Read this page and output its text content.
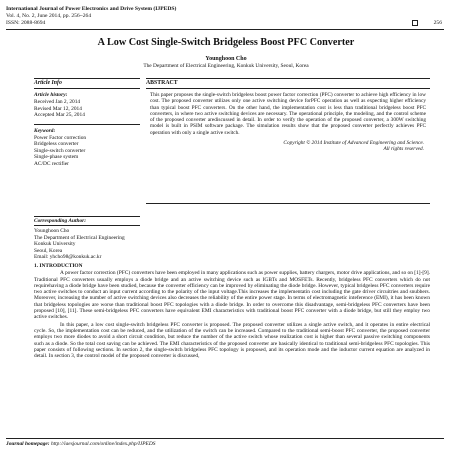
International Journal of Power Electronics and Drive System (IJPEDS)
Vol. 4, No. 2, June 2014, pp. 256~264
ISSN: 2088-8694	256
A Low Cost Single-Switch Bridgeless Boost PFC Converter
Younghoon Cho
The Department of Electrical Engineering, Konkuk University, Seoul, Korea
Article Info
Article history:
Received Jan 2, 2014
Revised Mar 12, 2014
Accepted Mar 25, 2014
Keyword:
Power Factor correction
Bridgeless converter
Single-switch converter
Single-phase system
AC/DC rectifier
Corresponding Author:
Younghoon Cho
The Department of Electrical Engineering
Konkuk University
Seoul, Korea
Email: yhcho98@konkuk.ac.kr
ABSTRACT
This paper proposes the single-switch bridgeless boost power factor correction (PFC) converter to achieve high efficiency in low cost. The proposed converter utilizes only one active switching device forPFC operation as well as expecting higher efficiency than typical boost PFC converters. On the other hand, the implementation cost is less than traditional bridgeless boost PFC converters, in where two active switching devices are necessary. The operational principle, the modeling, and the control scheme of the proposed converter arediscussed in detail. In order to verify the operation of the proposed converter, a 300W switching model is built in PSIM software package. The simulation results show that the proposed converter perfectly achieves PFC operation with only a single active switch.
Copyright © 2014 Institute of Advanced Engineering and Science.
All rights reserved.
1. INTRODUCTION

A power factor correction (PFC) converters have been employed in many applications such as power supplies, battery chargers, motor drive applications, and so on [1]-[9]. Traditional PFC converters usually employs a diode bridge and an active switching device such as IGBTs and MOSFETs. Recently, bridgeless PFC converters which do not requirehaving a diode bridge have been studied, because the converter efficiency can be improved by eliminating the diode bridge. However, typical bridgeless PFC converters require two active switches to conduct an input current according to the polarity of the input voltage.This increases the implementatin cost including the gate driver circuitries and snubbers. Moreover, increasing the number of active switching devices also decreases the reliability of the entire power stage. In terms of electromagnetic inteference (EMI), it has been known that bridgeless topologies are worse than traditional boost PFC topologies with a diode bridge. In order to overcome this disadvantage, semi-bridgeless PFC converters have been proposed [10], [11]. These semi-bridgeless PFC converters have equivalent EMI characteristics with traditional boost PFC converter with a diode bridge, but still they employ two active switches.

In this paper, a low cost single-switch bridgeless PFC converter is proposed. The proposed converter utilizes a single active switch, and it operates in entire electrical cycle. So, the implementation cost can be reduced, and the utilization of the switch can be increased. Compared to the traditional semi-boost PFC converter, the proposed converter employs two more diodes to avoid a short circuit condition, but reduce the number of the active switch whose realization cost is higher than several passive switching components such as a diode. So the total cost saving can be achieved. The EMI characteristics of the proposed converter are basically identical to traditional semi-bridgeless PFC topologies. This paper consists of following sections. In section 2, the single-switch bridgeless PFC topology is proposed, and its operation mode and the inductor current equation are analyzed in detail. In section 3, the control model of the proposed converter is discussed,

Journal homepage: http://iaesjournal.com/online/index.php/IJPEDS
